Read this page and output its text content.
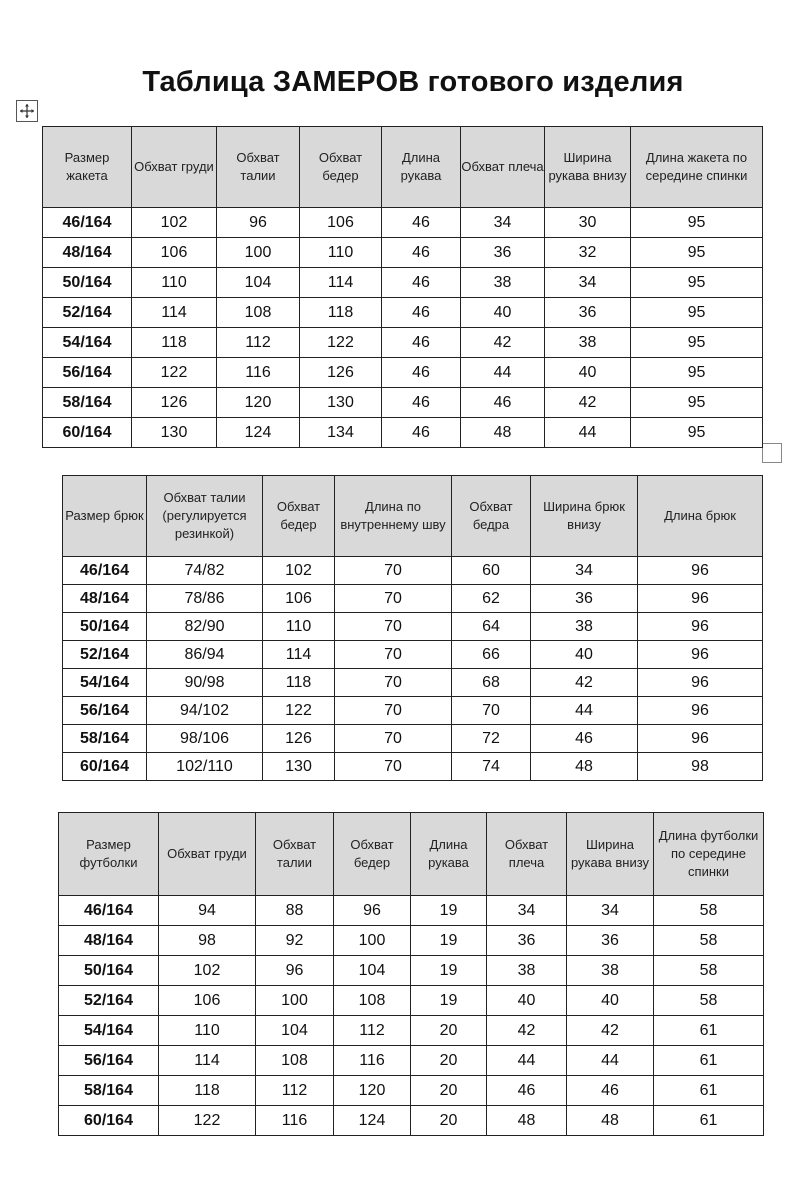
Таблица ЗАМЕРОВ готового изделия
Размер жакета	Обхват груди	Обхват талии	Обхват бедер	Длина рукава	Обхват плеча	Ширина рукава внизу	Длина жакета по середине спинки
46/164	102	96	106	46	34	30	95
48/164	106	100	110	46	36	32	95
50/164	110	104	114	46	38	34	95
52/164	114	108	118	46	40	36	95
54/164	118	112	122	46	42	38	95
56/164	122	116	126	46	44	40	95
58/164	126	120	130	46	46	42	95
60/164	130	124	134	46	48	44	95
Размер брюк	Обхват талии (регулируется резинкой)	Обхват бедер	Длина по внутреннему шву	Обхват бедра	Ширина брюк внизу	Длина брюк
46/164	74/82	102	70	60	34	96
48/164	78/86	106	70	62	36	96
50/164	82/90	110	70	64	38	96
52/164	86/94	114	70	66	40	96
54/164	90/98	118	70	68	42	96
56/164	94/102	122	70	70	44	96
58/164	98/106	126	70	72	46	96
60/164	102/110	130	70	74	48	98
Размер футболки	Обхват груди	Обхват талии	Обхват бедер	Длина рукава	Обхват плеча	Ширина рукава внизу	Длина футболки по середине спинки
46/164	94	88	96	19	34	34	58
48/164	98	92	100	19	36	36	58
50/164	102	96	104	19	38	38	58
52/164	106	100	108	19	40	40	58
54/164	110	104	112	20	42	42	61
56/164	114	108	116	20	44	44	61
58/164	118	112	120	20	46	46	61
60/164	122	116	124	20	48	48	61
